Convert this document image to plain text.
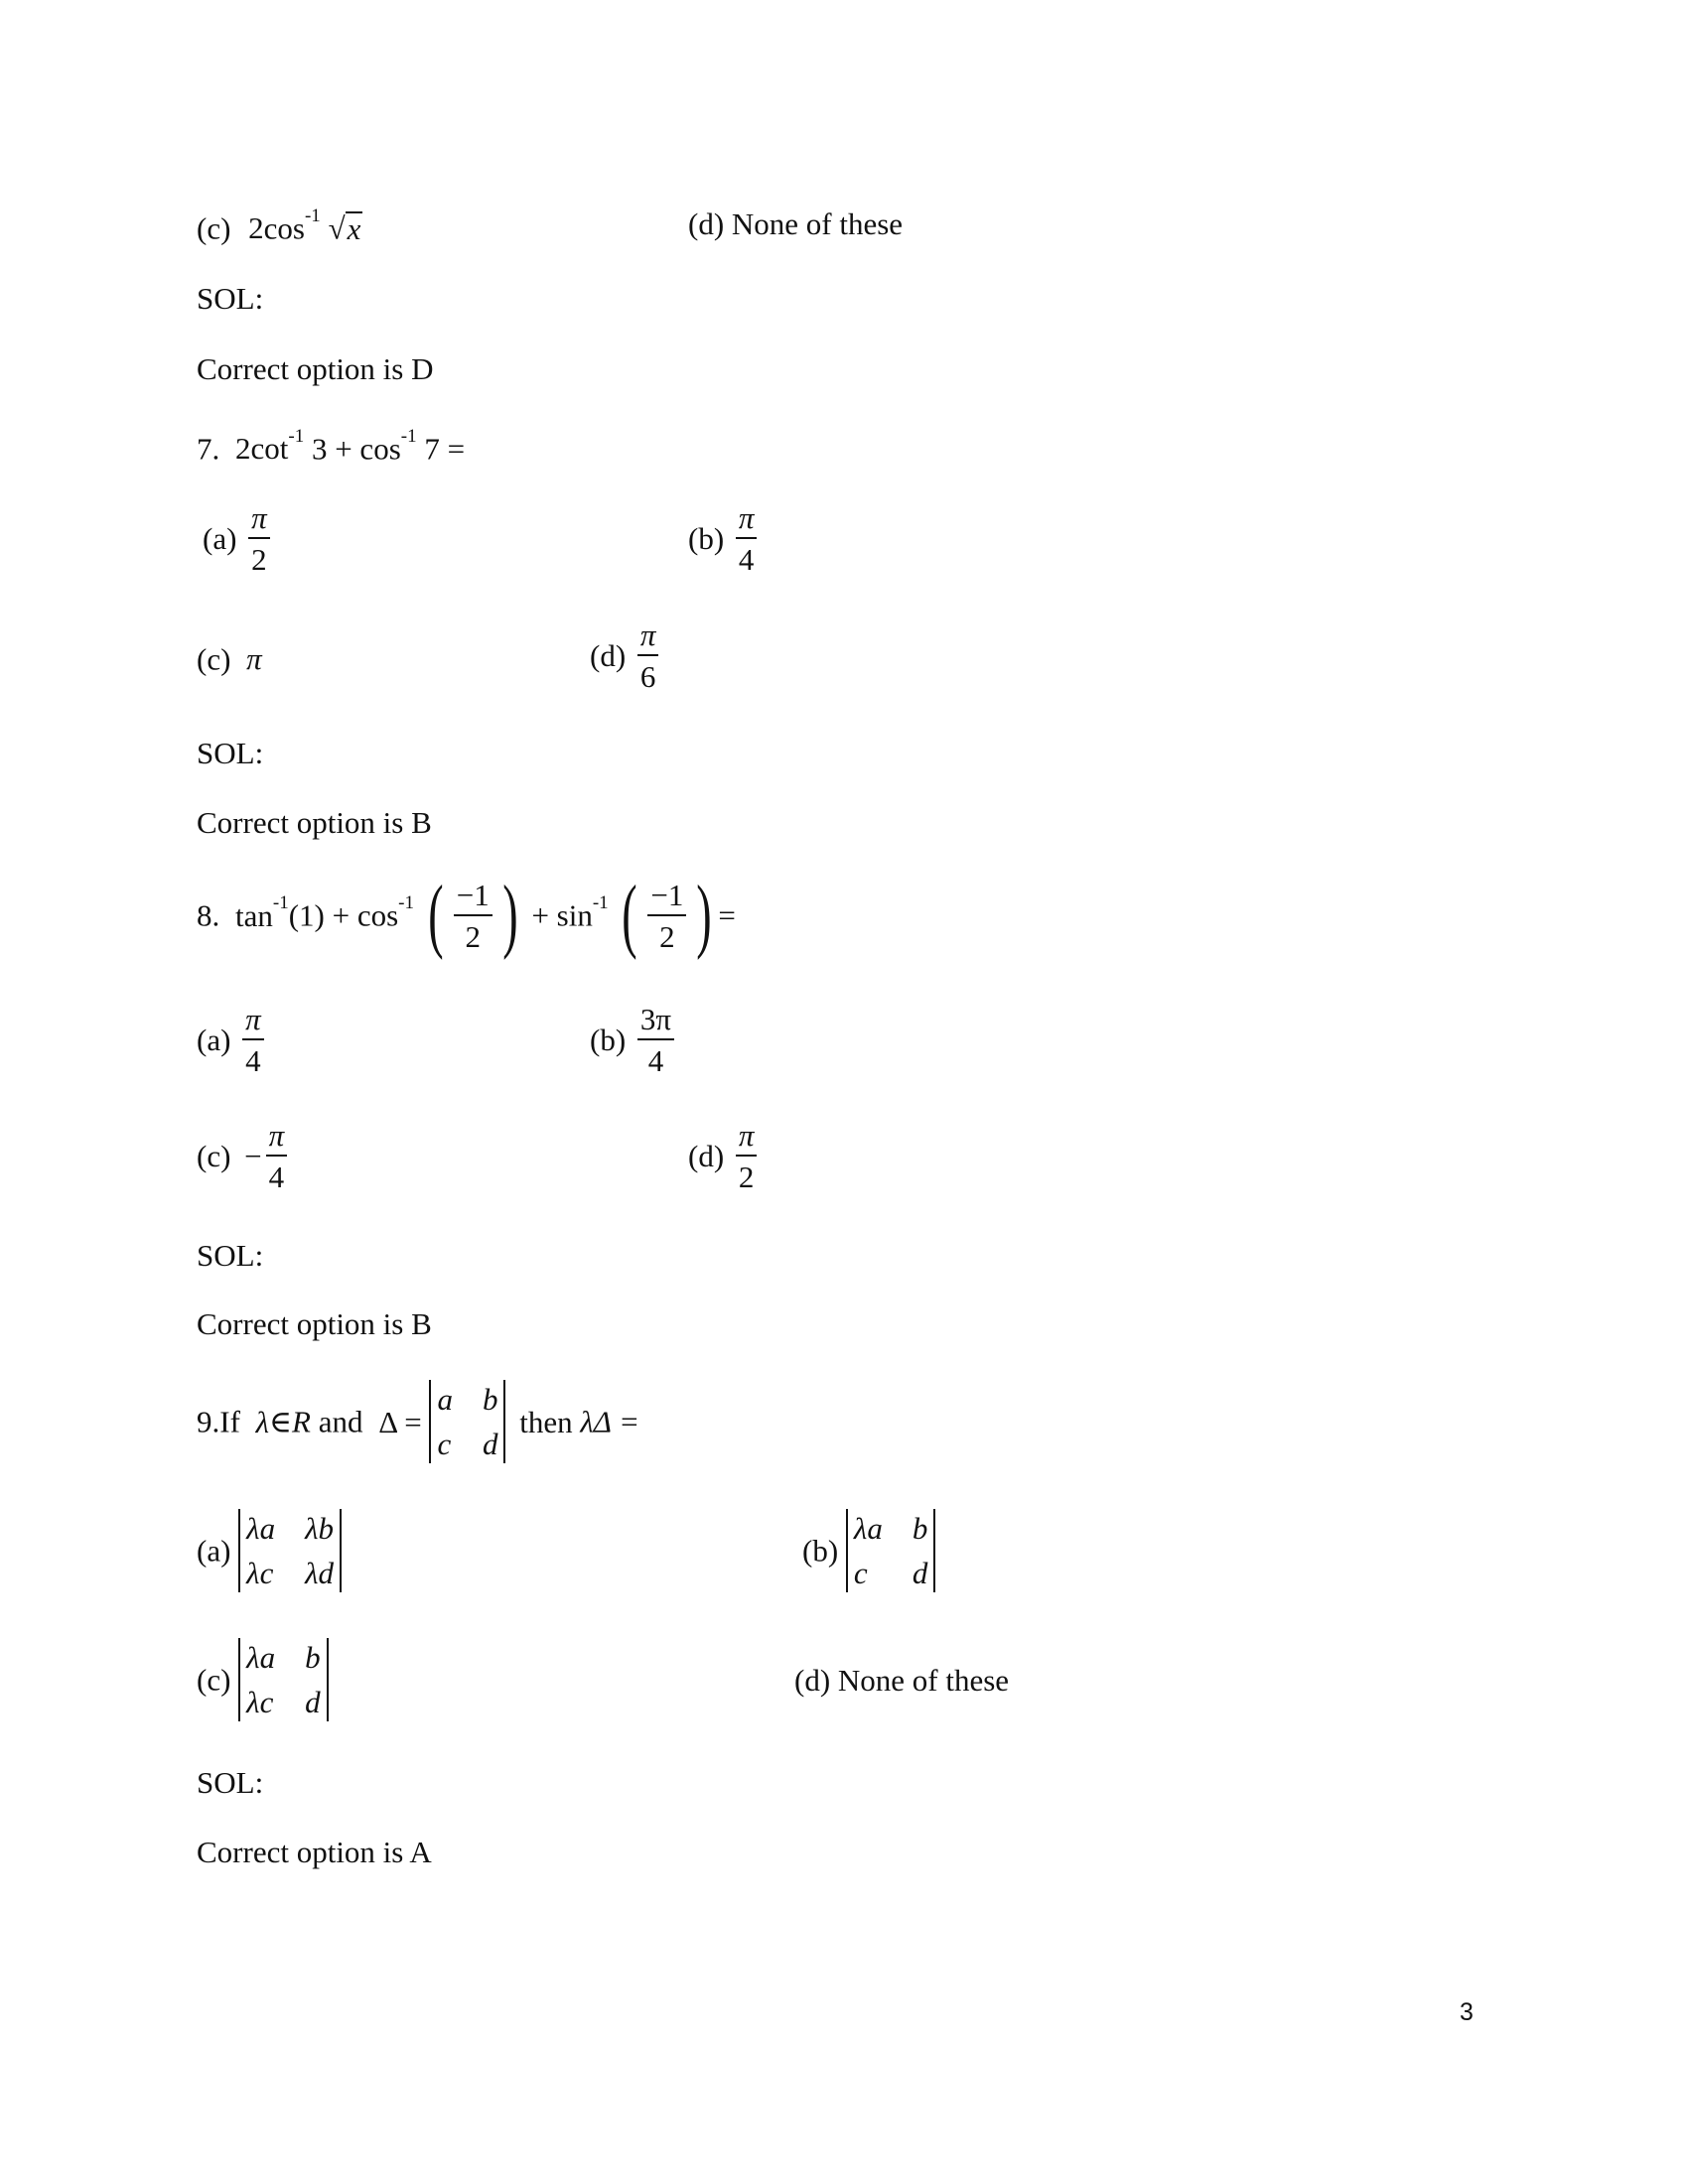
(c) $2\cos^{-1}$ √x	(d) None of these
SOL:
Correct option is D
7. $2\cot^{-1}$ $3 + \cos^{-1} 7$ =
$(a) \frac{\pi}{2}$	$(b) \frac{\pi}{4}$
(c) π	$(d) \frac{\pi}{6}$
SOL:
Correct option is B
8. $\tan^{-1}(1) + \cos^{-1}$ ( $\frac{-1}{2}$ ) + $\sin^{-1}$ ( $\frac{-1}{2}$ ) =
$(a) \frac{\pi}{4}$	$(b) \frac{3\pi}{4}$
$(c) - \frac{\pi}{4}$	$(d) \frac{\pi}{2}$
SOL:
Correct option is B
9.If λ∈R and Δ =
a b
c d
then λΔ =
(a)
λa λb
λc λd
(b)
λa b
c	d
(c)
λa b
λc d
(d) None of these
SOL:
Correct option is A
3
